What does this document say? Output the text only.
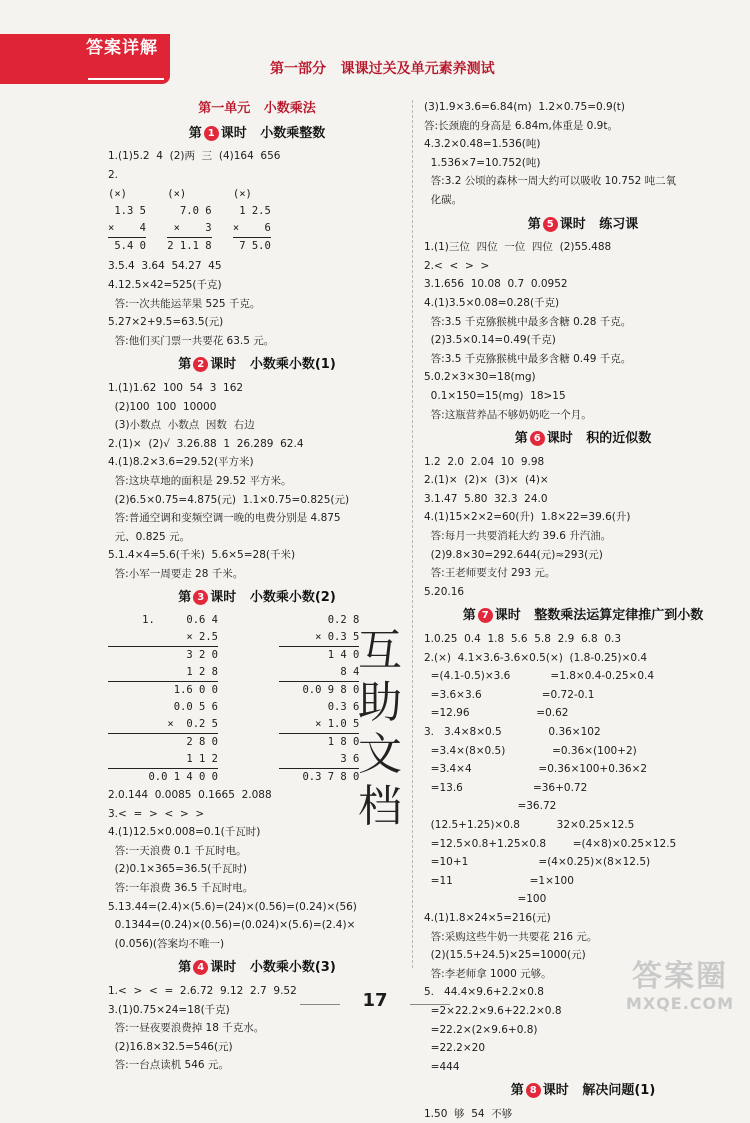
答案详解
第一部分   课课过关及单元素养测试
第一单元   小数乘法
第 1 课时   小数乘整数
1.(1)5.2  4  (2)两  三  (4)164  656
2.
(×)
1.3 5
×    4
5.4 0

(×)
7.0 6
×    3
2 1.1 8

(×)
1 2.5
×    6
7 5.0
3.5.4  3.64  54.27  45
4.12.5×42=525(千克)
答:一次共能运苹果 525 千克。
5.27×2+9.5=63.5(元)
答:他们买门票一共要花 63.5 元。
第 2 课时   小数乘小数(1)
1.(1)1.62  100  54  3  162
(2)100  100  10000
(3)小数点  小数点  因数  右边
2.(1)×  (2)√  3.26.88  1  26.289  62.4
4.(1)8.2×3.6=29.52(平方米)
答:这块草地的面积是 29.52 平方米。
(2)6.5×0.75=4.875(元)  1.1×0.75=0.825(元)
答:普通空调和变频空调一晚的电费分别是 4.875
元、0.825 元。
5.1.4×4=5.6(千米)  5.6×5=28(千米)
答:小军一周要走 28 千米。
第 3 课时   小数乘小数(2)
1.     0.6 4
× 2.5
3 2 0
1 2 8
1.6 0 0

0.2 8
× 0.3 5
1 4 0
8 4
0.0 9 8 0
0.0 5 6
×  0.2 5
2 8 0
1 1 2
0.0 1 4 0 0

0.3 6
× 1.0 5
1 8 0
3 6
0.3 7 8 0
2.0.144  0.0085  0.1665  2.088
3.<  =  >  <  >  >
4.(1)12.5×0.008=0.1(千瓦时)
答:一天浪费 0.1 千瓦时电。
(2)0.1×365=36.5(千瓦时)
答:一年浪费 36.5 千瓦时电。
5.13.44=(2.4)×(5.6)=(24)×(0.56)=(0.24)×(56)
0.1344=(0.24)×(0.56)=(0.024)×(5.6)=(2.4)×
(0.056)(答案均不唯一)
第 4 课时   小数乘小数(3)
1.<  >  <  =  2.6.72  9.12  2.7  9.52
3.(1)0.75×24=18(千克)
答:一昼夜要浪费掉 18 千克水。
(2)16.8×32.5=546(元)
答:一台点读机 546 元。
(3)1.9×3.6=6.84(m)  1.2×0.75=0.9(t)
答:长颈鹿的身高是 6.84m,体重是 0.9t。
4.3.2×0.48=1.536(吨)
1.536×7=10.752(吨)
答:3.2 公顷的森林一周大约可以吸收 10.752 吨二氧
化碳。
第 5 课时   练习课
1.(1)三位  四位  一位  四位  (2)55.488
2.<  <  >  >
3.1.656  10.08  0.7  0.0952
4.(1)3.5×0.08=0.28(千克)
答:3.5 千克猕猴桃中最多含糖 0.28 千克。
(2)3.5×0.14=0.49(千克)
答:3.5 千克猕猴桃中最多含糖 0.49 千克。
5.0.2×3×30=18(mg)
0.1×150=15(mg)  18>15
答:这瓶营养品不够奶奶吃一个月。
第 6 课时   积的近似数
1.2  2.0  2.04  10  9.98
2.(1)×  (2)×  (3)×  (4)×
3.1.47  5.80  32.3  24.0
4.(1)15×2×2=60(升)  1.8×22=39.6(升)
答:每月一共要消耗大约 39.6 升汽油。
(2)9.8×30=292.644(元)≈293(元)
答:王老师要支付 293 元。
5.20.16
第 7 课时   整数乘法运算定律推广到小数
1.0.25  0.4  1.8  5.6  5.8  2.9  6.8  0.3
2.(×)  4.1×3.6-3.6×0.5(×)  (1.8-0.25)×0.4
=(4.1-0.5)×3.6            =1.8×0.4-0.25×0.4
=3.6×3.6                  =0.72-0.1
=12.96                    =0.62
3.   3.4×8×0.5              0.36×102
=3.4×(8×0.5)              =0.36×(100+2)
=3.4×4                    =0.36×100+0.36×2
=13.6                     =36+0.72
=36.72
(12.5+1.25)×0.8           32×0.25×12.5
=12.5×0.8+1.25×0.8        =(4×8)×0.25×12.5
=10+1                     =(4×0.25)×(8×12.5)
=11                       =1×100
=100
4.(1)1.8×24×5=216(元)
答:采购这些牛奶一共要花 216 元。
(2)(15.5+24.5)×25=1000(元)
答:李老师拿 1000 元够。
5.   44.4×9.6+2.2×0.8
=2×22.2×9.6+22.2×0.8
=22.2×(2×9.6+0.8)
=22.2×20
=444
第 8 课时   解决问题(1)
1.50  够  54  不够
互
助
文
档
17
答案圈
MXQE.COM
